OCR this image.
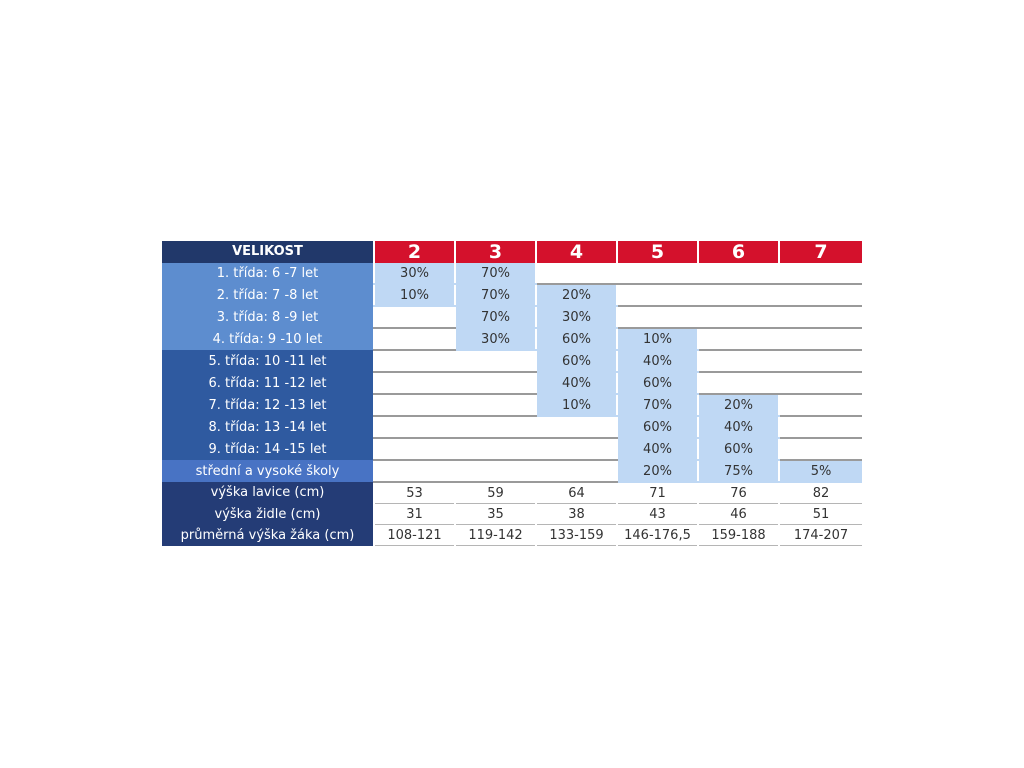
VELIKOST	2	3	4	5	6	7
1. třída: 6 -7 let	30%	70%				
2. třída: 7 -8 let	10%	70%	20%			
3. třída: 8 -9 let		70%	30%			
4. třída: 9 -10 let		30%	60%	10%		
5. třída: 10 -11 let			60%	40%		
6. třída: 11 -12 let			40%	60%		
7. třída: 12 -13 let			10%	70%	20%	
8. třída: 13 -14 let				60%	40%	
9. třída: 14 -15 let				40%	60%	
střední a vysoké školy				20%	75%	5%
výška lavice (cm)	53	59	64	71	76	82
výška židle (cm)	31	35	38	43	46	51
průměrná výška žáka (cm)	108-121	119-142	133-159	146-176,5	159-188	174-207
